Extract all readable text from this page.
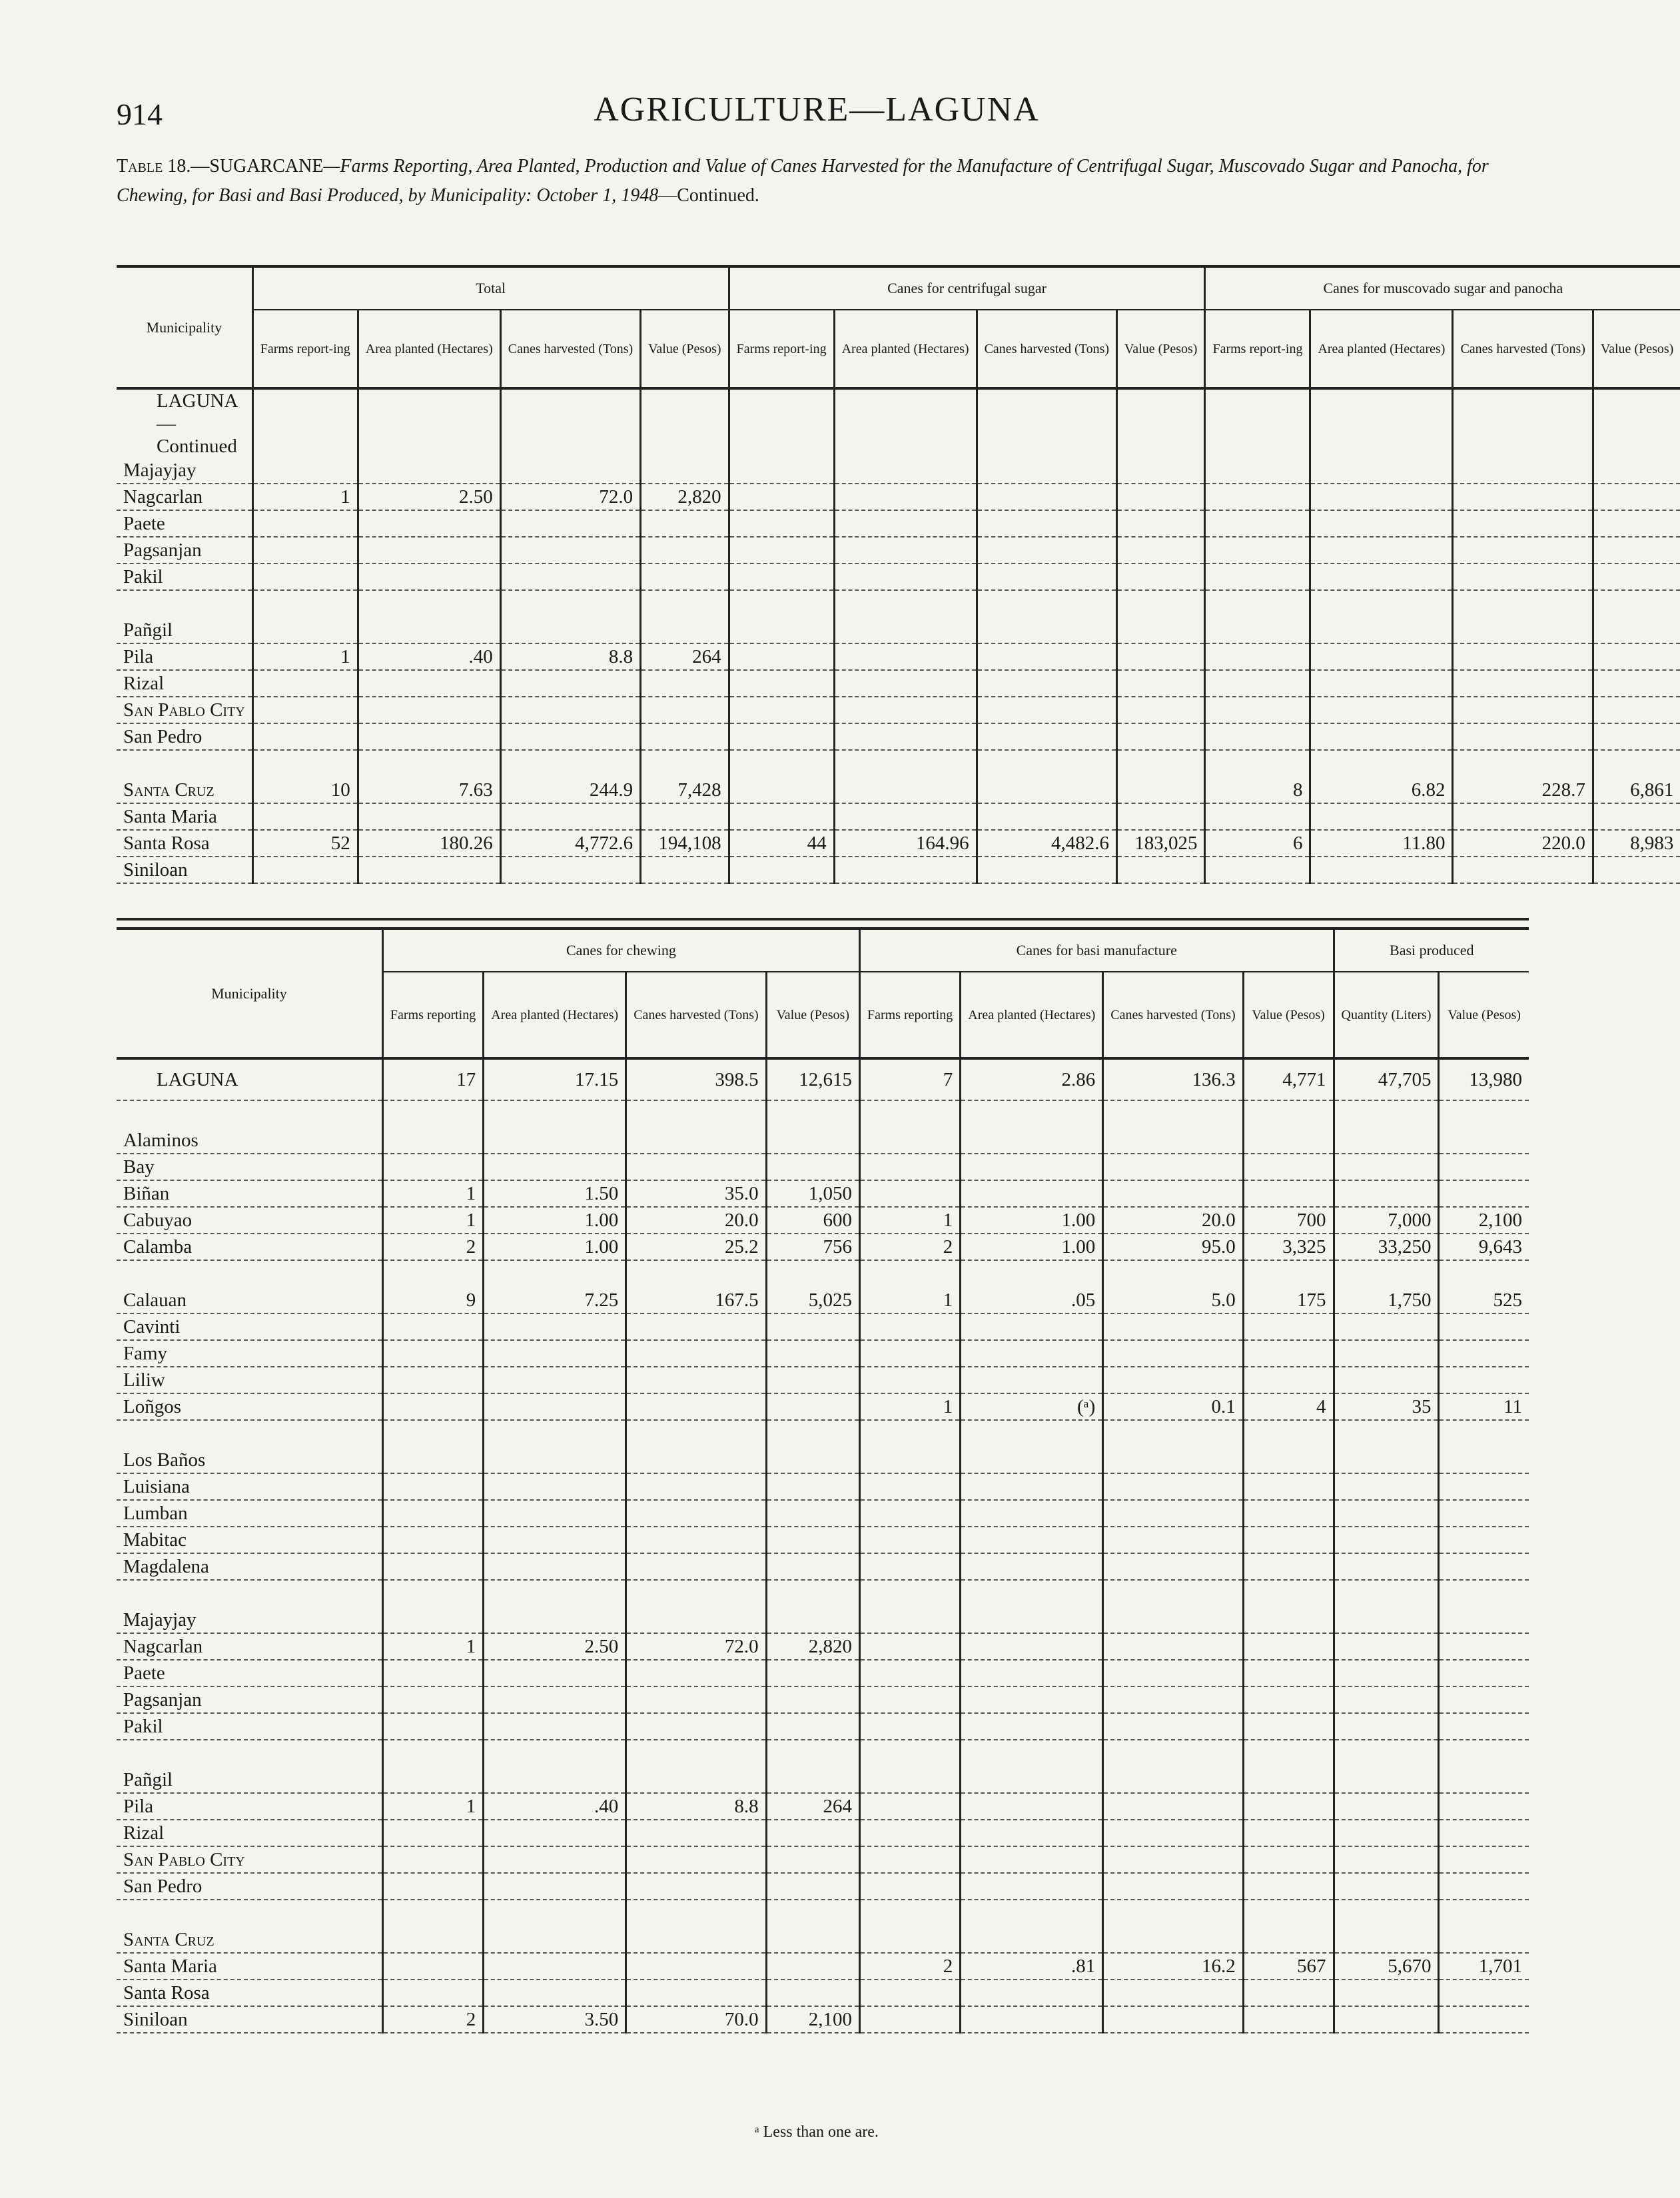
914	AGRICULTURE—LAGUNA
Table 18.—SUGARCANE—Farms Reporting, Area Planted, Production and Value of Canes Harvested for the Manufacture of Centrifugal Sugar, Muscovado Sugar and Panocha, for Chewing, for Basi and Basi Produced, by Municipality: October 1, 1948—Continued.
Municipality	Total				Canes for centrifugal sugar				Canes for muscovado sugar and panocha			
	Farms report-ing	Area planted (Hectares)	Canes harvested (Tons)	Value (Pesos)	Farms report-ing	Area planted (Hectares)	Canes harvested (Tons)	Value (Pesos)	Farms report-ing	Area planted (Hectares)	Canes harvested (Tons)	Value (Pesos)
LAGUNA—Continued												
Majayjay												
Nagcarlan	1	2.50	72.0	2,820								
Paete												
Pagsanjan												
Pakil												

Pañgil												
Pila	1	.40	8.8	264								
Rizal												
San Pablo City												
San Pedro												

Santa Cruz	10	7.63	244.9	7,428					8	6.82	228.7	6,861
Santa Maria												
Santa Rosa	52	180.26	4,772.6	194,108	44	164.96	4,482.6	183,025	6	11.80	220.0	8,983
Siniloan												
Municipality	Canes for chewing				Canes for basi manufacture				Basi produced	
	Farms reporting	Area planted (Hectares)	Canes harvested (Tons)	Value (Pesos)	Farms reporting	Area planted (Hectares)	Canes harvested (Tons)	Value (Pesos)	Quantity (Liters)	Value (Pesos)
LAGUNA	17	17.15	398.5	12,615	7	2.86	136.3	4,771	47,705	13,980

Alaminos										
Bay										
Biñan	1	1.50	35.0	1,050						
Cabuyao	1	1.00	20.0	600	1	1.00	20.0	700	7,000	2,100
Calamba	2	1.00	25.2	756	2	1.00	95.0	3,325	33,250	9,643

Calauan	9	7.25	167.5	5,025	1	.05	5.0	175	1,750	525
Cavinti										
Famy										
Liliw										
Loñgos					1	(ᵃ)	0.1	4	35	11

Los Baños										
Luisiana										
Lumban										
Mabitac										
Magdalena										

Majayjay										
Nagcarlan	1	2.50	72.0	2,820						
Paete										
Pagsanjan										
Pakil										

Pañgil										
Pila	1	.40	8.8	264						
Rizal										
San Pablo City										
San Pedro										

Santa Cruz										
Santa Maria					2	.81	16.2	567	5,670	1,701
Santa Rosa										
Siniloan	2	3.50	70.0	2,100						
ᵃ Less than one are.
